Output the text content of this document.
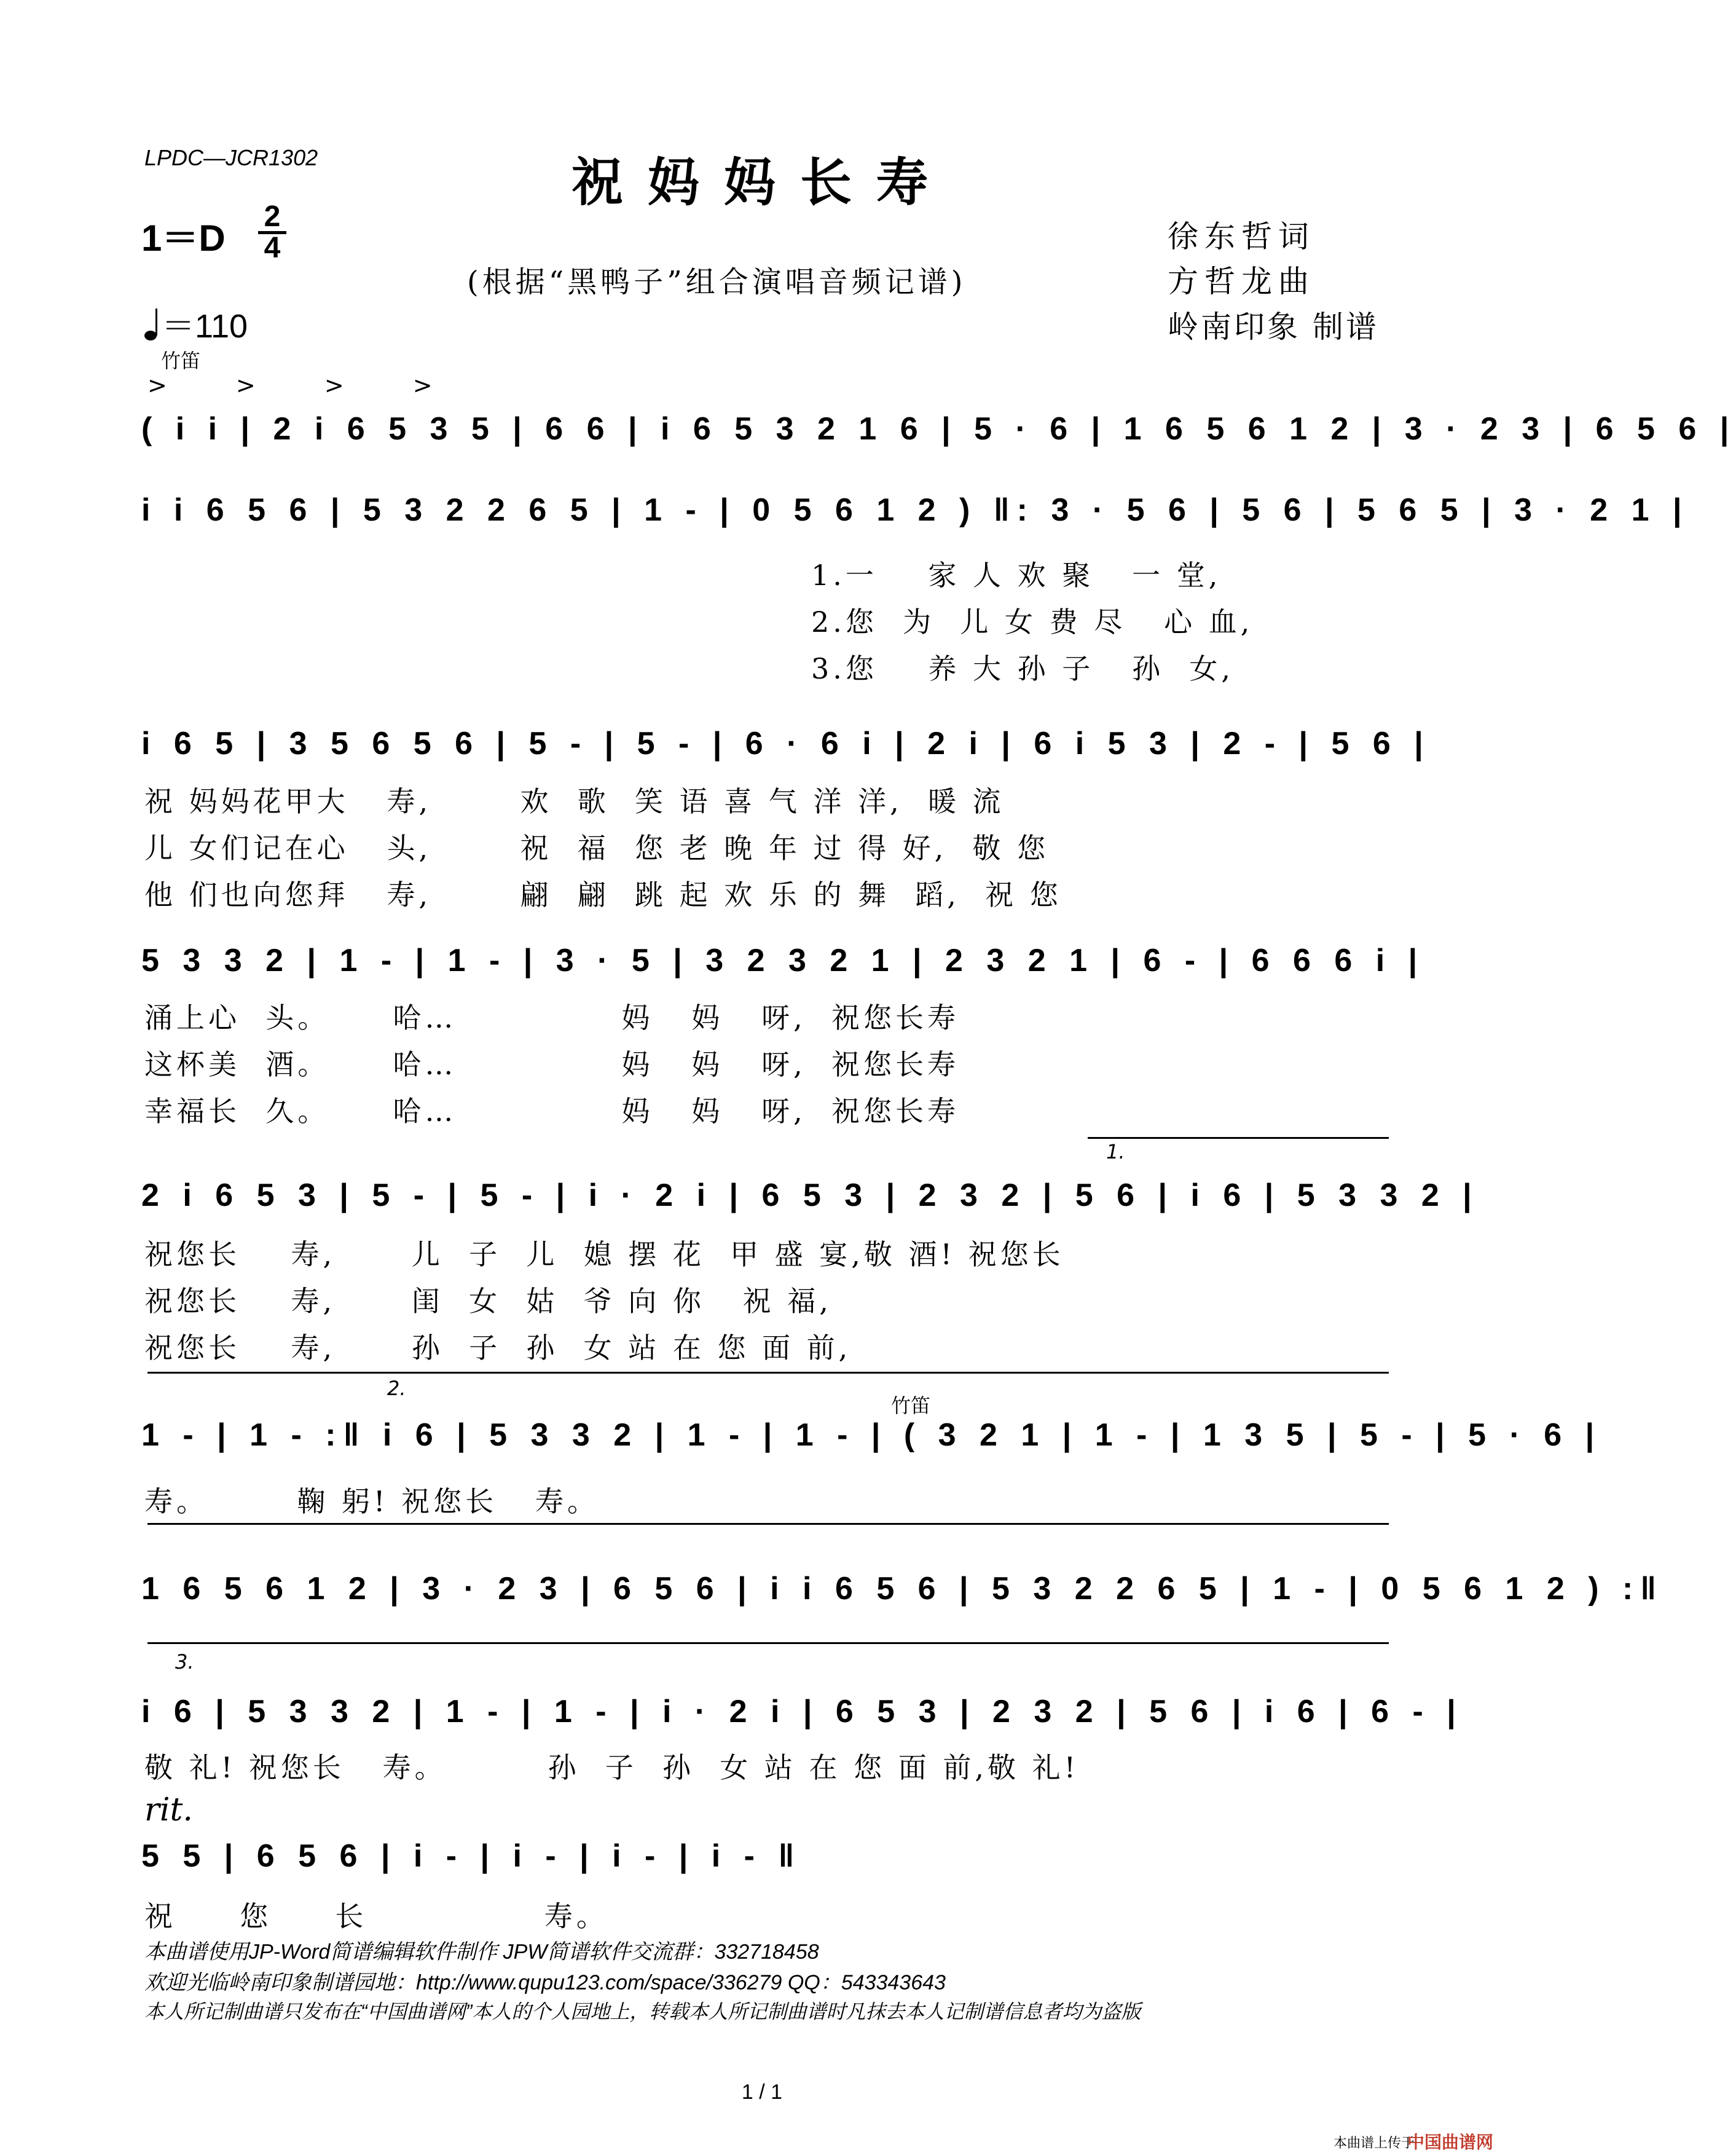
LPDC—JCR1302	祝妈妈长寿
$1=D \frac{2}{4}$
(根据“黑鸭子”组合演唱音频记谱)
徐东哲词
方哲龙曲
岭南印象 制谱
＝110
竹笛
> > > >
( i i | 2 i 6 5 3 5 | 6 6 | i 6 5 3 2 1 6 | 5 · 6 | 1 6 5 6 1 2 | 3 · 2 3 | 6 5 6 |
i i 6 5 6 | 5 3 2 2 6 5 | 1 - | 0 5 6 1 2 ) ‖: 3 · 5 6 | 5 6 | 5 6 5 | 3 · 2 1 |
1.一    家 人 欢 聚   一 堂,
2.您  为  儿 女 费 尽   心 血,
3.您    养 大 孙 子   孙  女,
i 6 5 | 3 5 6 5 6 | 5 - | 5 - | 6 · 6 i | 2 i | 6 i 5 3 | 2 - | 5 6 |
祝 妈妈花甲大   寿,       欢  歌  笑 语 喜 气 洋 洋,  暖 流
儿 女们记在心   头,       祝  福  您 老 晚 年 过 得 好,  敬 您
他 们也向您拜   寿,       翩  翩  跳 起 欢 乐 的 舞  蹈,  祝 您
5 3 3 2 | 1 - | 1 - | 3 · 5 | 3 2 3 2 1 | 2 3 2 1 | 6 - | 6 6 6 i |
涌上心  头。     哈…             妈   妈   呀,  祝您长寿
这杯美  酒。     哈…             妈   妈   呀,  祝您长寿
幸福长  久。     哈…             妈   妈   呀,  祝您长寿
1.
2 i 6 5 3 | 5 - | 5 - | i · 2 i | 6 5 3 | 2 3 2 | 5 6 | i 6 | 5 3 3 2 |
祝您长    寿,      儿  子  儿  媳 摆 花  甲 盛 宴,敬 酒! 祝您长
祝您长    寿,      闺  女  姑  爷 向 你   祝 福,
祝您长    寿,      孙  子  孙  女 站 在 您 面 前,
2.
竹笛
1 - | 1 - :‖ i 6 | 5 3 3 2 | 1 - | 1 - | ( 3 2 1 | 1 - | 1 3 5 | 5 - | 5 · 6 |
寿。       鞠 躬! 祝您长   寿。
1 6 5 6 1 2 | 3 · 2 3 | 6 5 6 | i i 6 5 6 | 5 3 2 2 6 5 | 1 - | 0 5 6 1 2 ) :‖
3.
i 6 | 5 3 3 2 | 1 - | 1 - | i · 2 i | 6 5 3 | 2 3 2 | 5 6 | i 6 | 6 - |
敬 礼! 祝您长   寿。        孙  子  孙  女 站 在 您 面 前,敬 礼!
rit.
5 5 | 6 5 6 | i - | i - | i - | i - ‖
祝     您     长              寿。
本曲谱使用JP-Word简谱编辑软件制作 JPW简谱软件交流群：332718458
欢迎光临岭南印象制谱园地：http://www.qupu123.com/space/336279 QQ：543343643
本人所记制曲谱只发布在“中国曲谱网”本人的个人园地上，转载本人所记制曲谱时凡抹去本人记制谱信息者均为盗版
1 / 1
本曲谱上传于
中国曲谱网
